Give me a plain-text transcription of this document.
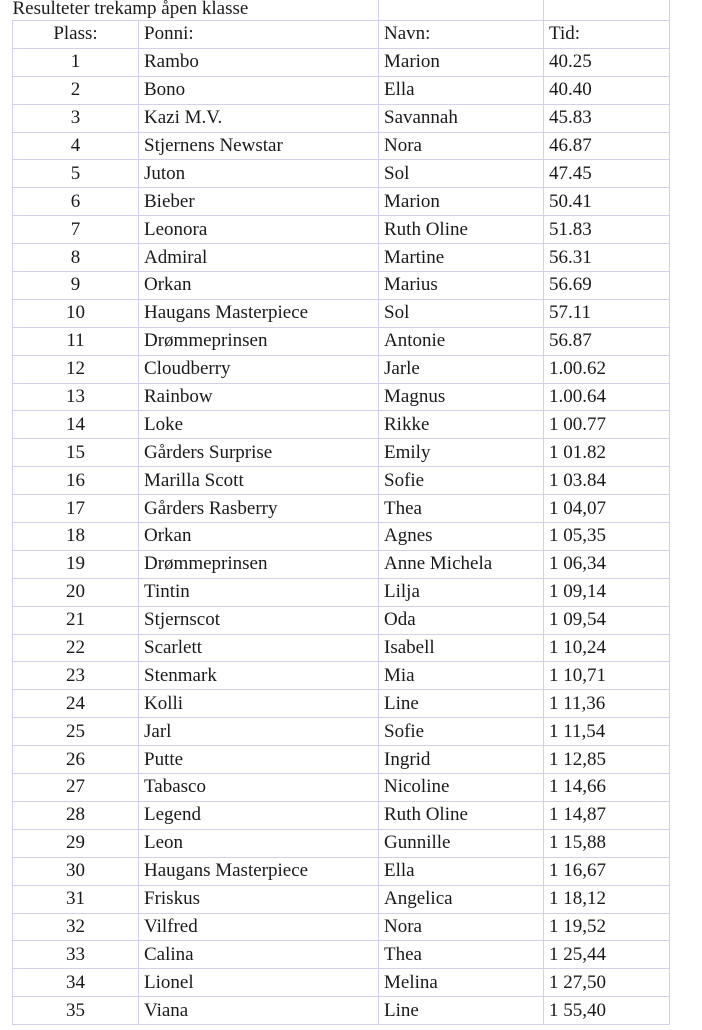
Resulteter trekamp åpen klasse			
Plass:	Ponni:	Navn:	Tid:
1	Rambo	Marion	40.25
2	Bono	Ella	40.40
3	Kazi M.V.	Savannah	45.83
4	Stjernens Newstar	Nora	46.87
5	Juton	Sol	47.45
6	Bieber	Marion	50.41
7	Leonora	Ruth Oline	51.83
8	Admiral	Martine	56.31
9	Orkan	Marius	56.69
10	Haugans Masterpiece	Sol	57.11
11	Drømmeprinsen	Antonie	56.87
12	Cloudberry	Jarle	1.00.62
13	Rainbow	Magnus	1.00.64
14	Loke	Rikke	1 00.77
15	Gårders Surprise	Emily	1 01.82
16	Marilla Scott	Sofie	1 03.84
17	Gårders Rasberry	Thea	1 04,07
18	Orkan	Agnes	1 05,35
19	Drømmeprinsen	Anne Michela	1 06,34
20	Tintin	Lilja	1 09,14
21	Stjernscot	Oda	1 09,54
22	Scarlett	Isabell	1 10,24
23	Stenmark	Mia	1 10,71
24	Kolli	Line	1 11,36
25	Jarl	Sofie	1 11,54
26	Putte	Ingrid	1 12,85
27	Tabasco	Nicoline	1 14,66
28	Legend	Ruth Oline	1 14,87
29	Leon	Gunnille	1 15,88
30	Haugans Masterpiece	Ella	1 16,67
31	Friskus	Angelica	1 18,12
32	Vilfred	Nora	1 19,52
33	Calina	Thea	1 25,44
34	Lionel	Melina	1 27,50
35	Viana	Line	1 55,40
